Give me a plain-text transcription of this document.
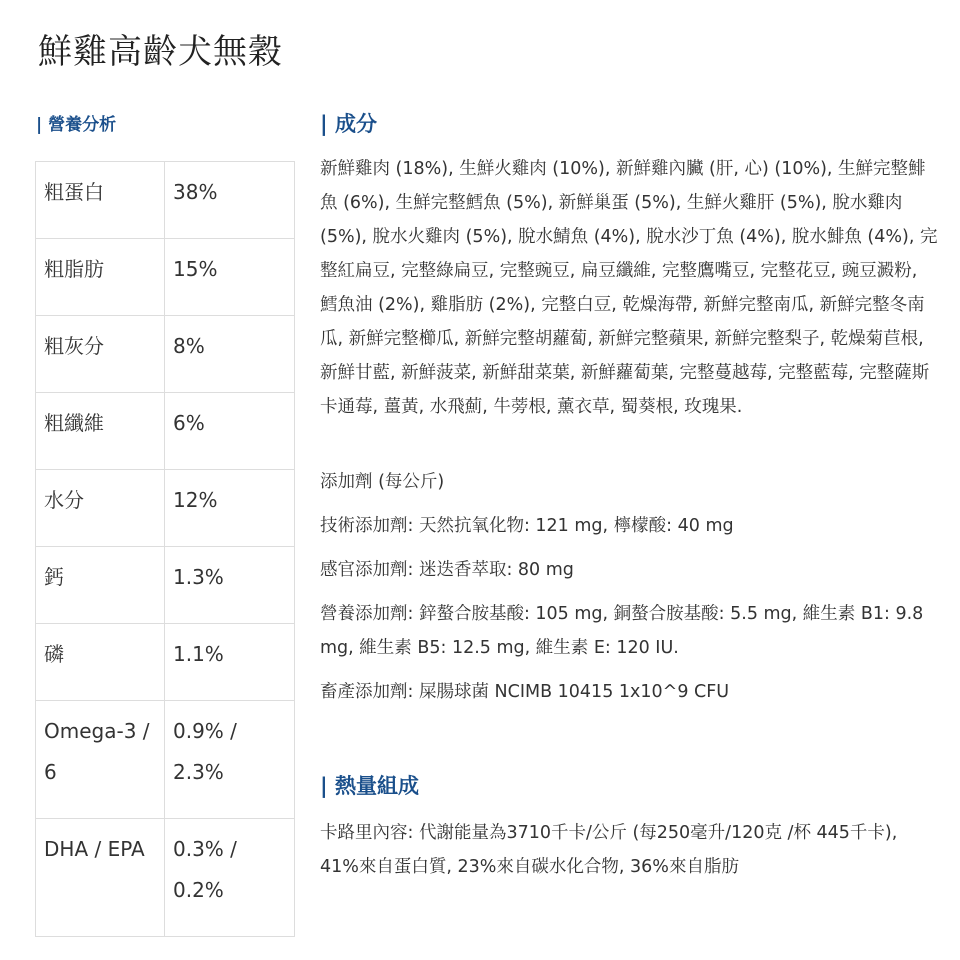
鮮雞高齡犬無穀
| 營養分析
粗蛋白	38%
粗脂肪	15%
粗灰分	8%
粗纖維	6%
水分	12%
鈣	1.3%
磷	1.1%
Omega-3 / 6	0.9% / 2.3%
DHA / EPA	0.3% / 0.2%
| 成分
新鮮雞肉 (18%), 生鮮火雞肉 (10%), 新鮮雞內臟 (肝, 心) (10%), 生鮮完整鯡魚 (6%), 生鮮完整鱈魚 (5%), 新鮮巢蛋 (5%), 生鮮火雞肝 (5%), 脫水雞肉 (5%), 脫水火雞肉 (5%), 脫水鯖魚 (4%), 脫水沙丁魚 (4%), 脫水鯡魚 (4%), 完整紅扁豆, 完整綠扁豆, 完整豌豆, 扁豆纖維, 完整鷹嘴豆, 完整花豆, 豌豆澱粉, 鱈魚油 (2%), 雞脂肪 (2%), 完整白豆, 乾燥海帶, 新鮮完整南瓜, 新鮮完整冬南瓜, 新鮮完整櫛瓜, 新鮮完整胡蘿蔔, 新鮮完整蘋果, 新鮮完整梨子, 乾燥菊苣根, 新鮮甘藍, 新鮮菠菜, 新鮮甜菜葉, 新鮮蘿蔔葉, 完整蔓越莓, 完整藍莓, 完整薩斯卡通莓, 薑黃, 水飛薊, 牛蒡根, 薰衣草, 蜀葵根, 玫瑰果.
添加劑 (每公斤)
技術添加劑: 天然抗氧化物: 121 mg, 檸檬酸: 40 mg
感官添加劑: 迷迭香萃取: 80 mg
營養添加劑: 鋅螯合胺基酸: 105 mg, 銅螯合胺基酸: 5.5 mg, 維生素 B1: 9.8 mg, 維生素 B5: 12.5 mg, 維生素 E: 120 IU.
畜產添加劑: 屎腸球菌 NCIMB 10415 1x10^9 CFU
| 熱量組成
卡路里內容: 代謝能量為3710千卡/公斤 (每250毫升/120克 /杯 445千卡), 41%來自蛋白質, 23%來自碳水化合物, 36%來自脂肪
